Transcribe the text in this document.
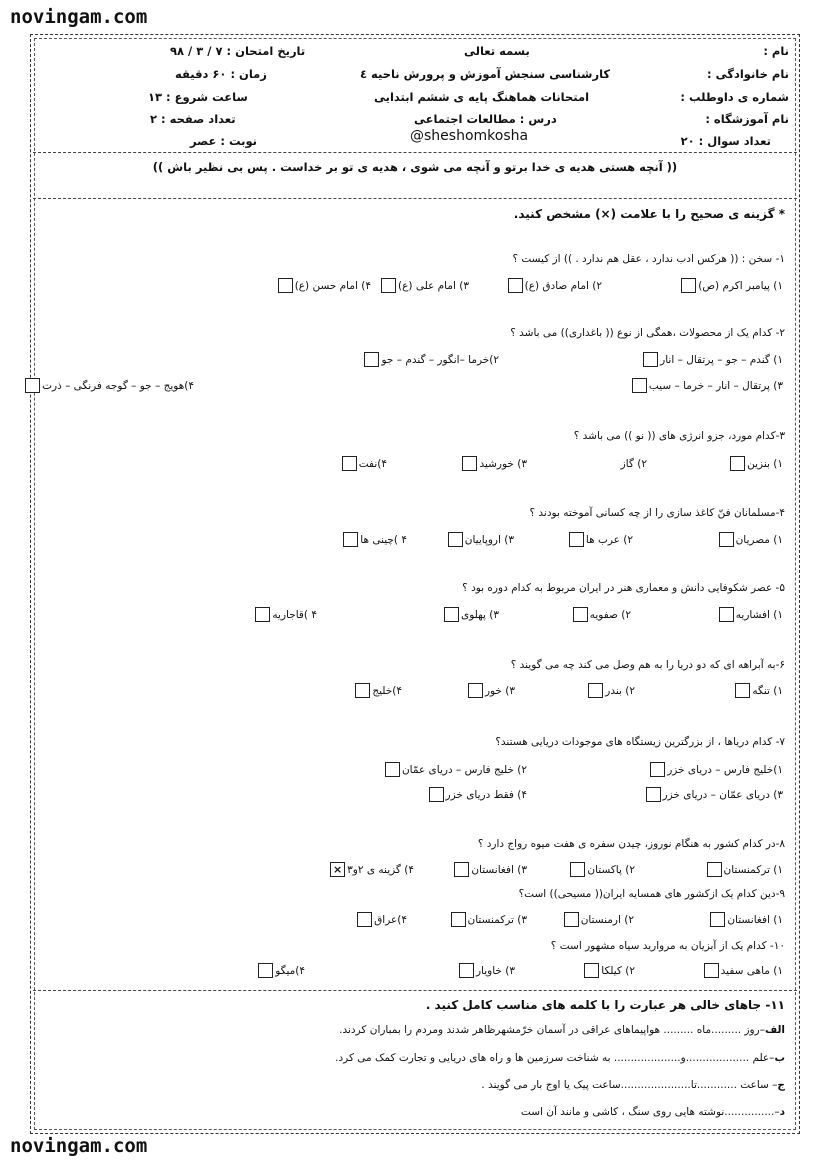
novingam.com
نام :
نام خانوادگی :
شماره ی داوطلب :
نام آموزشگاه :
تعداد سوال : ۲۰
بسمه تعالی
کارشناسی سنجش آموزش و پرورش ناحیه ٤
امتحانات هماهنگ پایه ی ششم ابتدایی
درس : مطالعات اجتماعی
@sheshomkosha
تاریخ امتحان : ۷ / ۳ / ۹۸
زمان : ۶۰ دقیقه
ساعت شروع : ۱۳
تعداد صفحه : ۲
نوبت : عصر
(( آنچه هستی هدیه ی خدا برتو و آنچه می شوی ، هدیه ی تو بر خداست . پس بی نظیر باش ))
* گزینه ی صحیح را با علامت (×) مشخص کنید.
۱- سخن : (( هرکس ادب ندارد ، عقل هم ندارد . )) از کیست ؟
۱) پیامبر اکرم (ص)
۲) امام صادق (ع)
۳) امام علی (ع)
۴) امام حسن (ع)
۲- کدام یک از محصولات ،همگی از نوع (( باغداری)) می باشد ؟
۱) گندم – جو – پرتقال – انار
۲)خرما –انگور – گندم – جو
۳) پرتقال – انار – خرما – سیب
۴)هویج – جو – گوجه فرنگی – ذرت
۳-کدام مورد، جزو انرژی های (( نو )) می باشد ؟
۱) بنزین
۲) گاز
۳) خورشید
۴)نفت
۴-مسلمانان فنّ کاغذ سازی را از چه کسانی آموخته بودند ؟
۱) مصریان
۲) عرب ها
۳) اروپاییان
۴ )چینی ها
۵- عصر شکوفایی دانش و معماری هنر در ایران مربوط به کدام دوره بود ؟
۱) افشاریه
۲) صفویه
۳) پهلوی
۴ )قاجاریه
۶-به آبراهه ای که دو دریا را به هم وصل می کند چه می گویند ؟
۱) تنگه
۲) بندر
۳) خور
۴)خلیج
۷- کدام دریاها ، از بزرگترین زیستگاه های موجودات دریایی هستند؟
۱)خلیج فارس – دریای خزر
۲) خلیج فارس – دریای عمّان
۳) دریای عمّان – دریای خزر
۴) فقط دریای خزر
۸-در کدام کشور به هنگام نوروز، چیدن سفره ی هفت میوه رواج دارد ؟
۱) ترکمنستان
۲) پاکستان
۳) افغانستان
۴) گزینه ی ۲و۳
×
۹-دین کدام یک ازکشور های همسایه ایران(( مسیحی)) است؟
۱) افغانستان
۲) ارمنستان
۳) ترکمنستان
۴)عراق
۱۰- کدام یک از آبزیان به مروارید سیاه مشهور است ؟
۱) ماهی سفید
۲) کیلکا
۳) خاویار
۴)میگو
۱۱- جاهای خالی هر عبارت را با کلمه های مناسب کامل کنید .
الف–روز .........ماه ......... هواپیماهای عراقی در آسمان خرّمشهرظاهر شدند ومردم را بمباران کردند.
ب–علم ...................و.................... به شناخت سرزمین ها و راه های دریایی و تجارت کمک می کرد.
ج– ساعت ............تا.....................ساعت پیک یا اوج بار می گویند .
د–...............نوشته هایی روی سنگ ، کاشی و مانند آن است
novingam.com
